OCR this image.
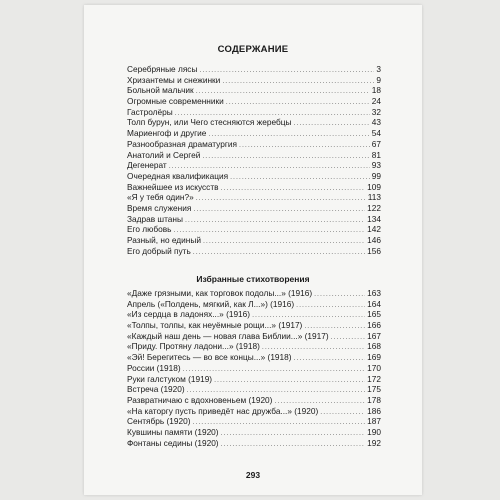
СОДЕРЖАНИЕ
Серебряные лясы .....	3
Хризантемы и снежинки .....	9
Больной мальчик .....	18
Огромные современники .....	24
Гастролёры .....	32
Толп бурун, или Чего стесняются жеребцы .....	43
Мариенгоф и другие .....	54
Разнообразная драматургия .....	67
Анатолий и Сергей .....	81
Дегенерат .....	93
Очередная квалификация .....	99
Важнейшее из искусств .....	109
«Я у тебя один?» .....	113
Время служения .....	122
Задрав штаны .....	134
Его любовь .....	142
Разный, но единый .....	146
Его добрый путь .....	156
Избранные стихотворения
«Даже грязными, как торговок подолы...» (1916) .....	163
Апрель («Полдень, мягкий, как Л...») (1916) .....	164
«Из сердца в ладонях...» (1916) .....	165
«Толпы, толпы, как неуёмные рощи...» (1917) .....	166
«Каждый наш день — новая глава Библии...» (1917) .....	167
«Приду. Протяну ладони...» (1918) .....	168
«Эй! Берегитесь — во все концы...» (1918) .....	169
России (1918) .....	170
Руки галстуком (1919) .....	172
Встреча (1920) .....	175
Развратничаю с вдохновеньем (1920) .....	178
«На каторгу пусть приведёт нас дружба...» (1920) .....	186
Сентябрь (1920) .....	187
Кувшины памяти (1920) .....	190
Фонтаны седины (1920) .....	192
293
